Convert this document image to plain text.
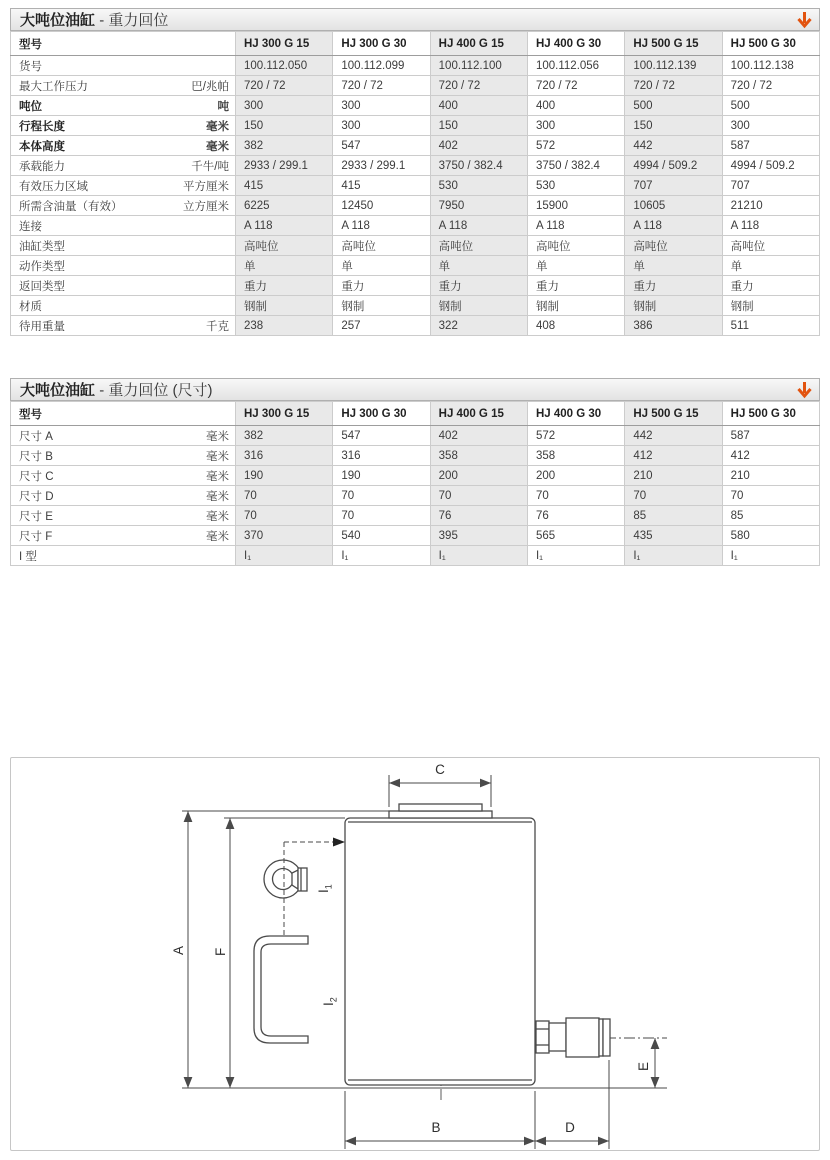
大吨位油缸 - 重力回位
型号	HJ 300 G 15	HJ 300 G 30	HJ 400 G 15	HJ 400 G 30	HJ 500 G 15	HJ 500 G 30

货号	100.112.050	100.112.099	100.112.100	100.112.056	100.112.139	100.112.138

最大工作压力 巴/兆帕	720 / 72	720 / 72	720 / 72	720 / 72	720 / 72	720 / 72

吨位 吨	300	300	400	400	500	500

行程长度 毫米	150	300	150	300	150	300

本体高度 毫米	382	547	402	572	442	587

承载能力 千牛/吨	2933 / 299.1	2933 / 299.1	3750 / 382.4	3750 / 382.4	4994 / 509.2	4994 / 509.2

有效压力区域 平方厘米	415	415	530	530	707	707

所需含油量（有效） 立方厘米	6225	12450	7950	15900	10605	21210

连接	A 118	A 118	A 118	A 118	A 118	A 118

油缸类型	高吨位	高吨位	高吨位	高吨位	高吨位	高吨位

动作类型	单	单	单	单	单	单

返回类型	重力	重力	重力	重力	重力	重力

材质	钢制	钢制	钢制	钢制	钢制	钢制

待用重量 千克	238	257	322	408	386	511
大吨位油缸 - 重力回位 (尺寸)
型号	HJ 300 G 15	HJ 300 G 30	HJ 400 G 15	HJ 400 G 30	HJ 500 G 15	HJ 500 G 30

尺寸 A 毫米	382	547	402	572	442	587

尺寸 B 毫米	316	316	358	358	412	412

尺寸 C 毫米	190	190	200	200	210	210

尺寸 D 毫米	70	70	70	70	70	70

尺寸 E 毫米	70	70	76	76	85	85

尺寸 F 毫米	370	540	395	565	435	580

I 型	I₁	I₁	I₁	I₁	I₁	I₁
C
A F
E
B	D
$I_1$
$I_2$
